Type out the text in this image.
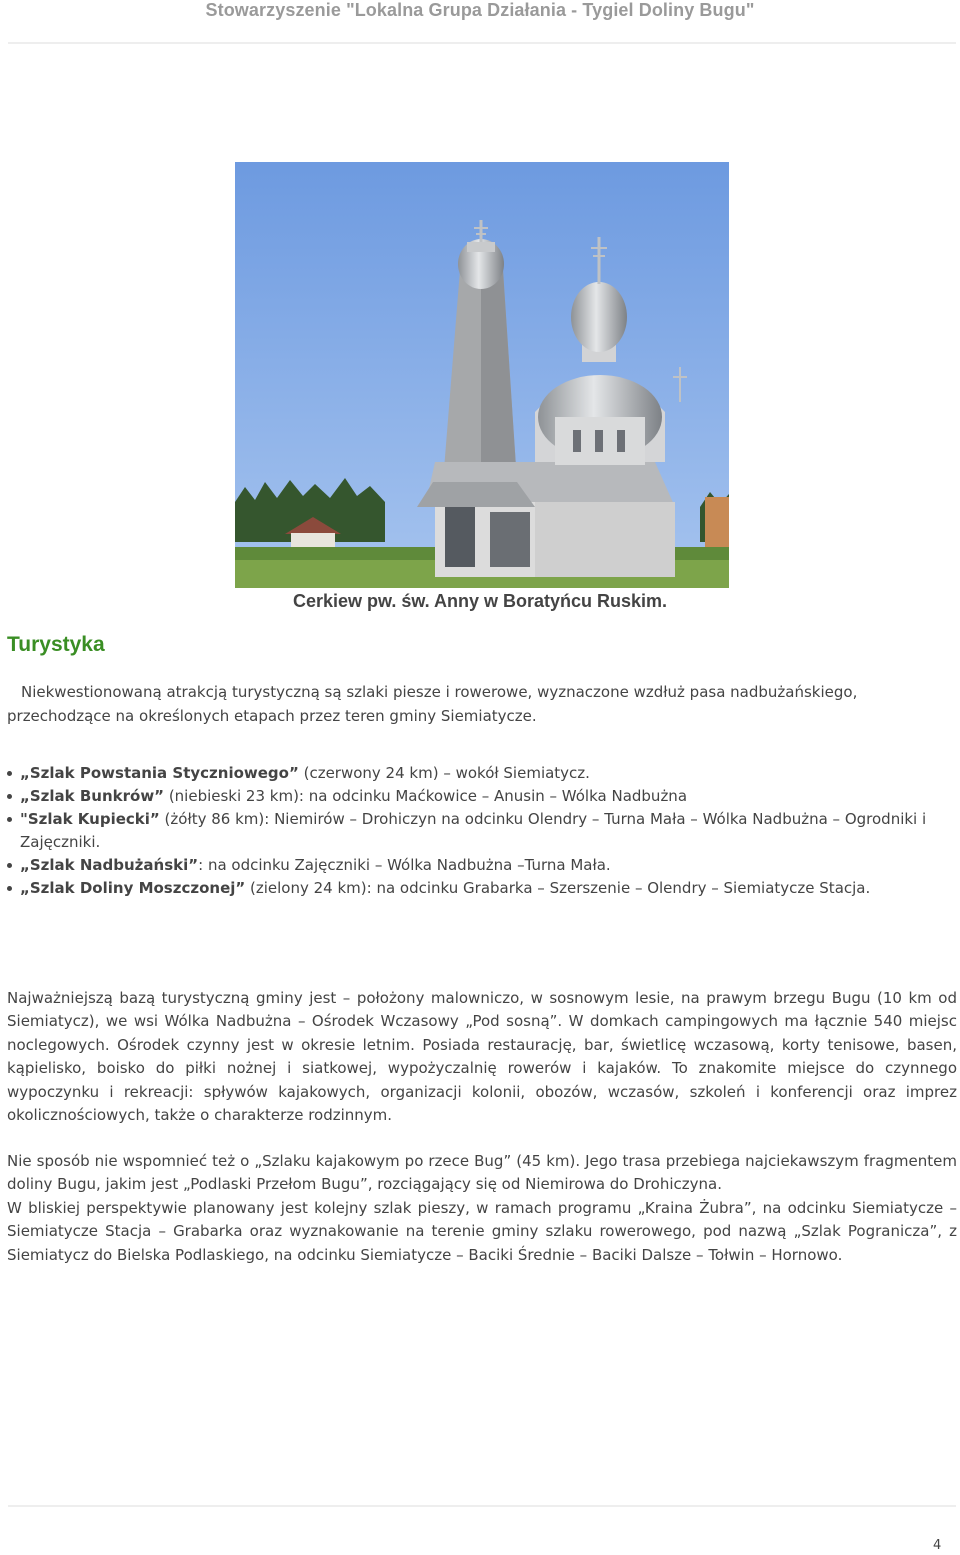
Stowarzyszenie "Lokalna Grupa Działania - Tygiel Doliny Bugu"
Cerkiew pw. św. Anny w Boratyńcu Ruskim.
Turystyka

Niekwestionowaną atrakcją turystyczną są szlaki piesze i rowerowe, wyznaczone wzdłuż pasa nadbużańskiego, przechodzące na określonych etapach przez teren gminy Siemiatycze.

„Szlak Powstania Styczniowego” (czerwony 24 km) – wokół Siemiatycz.
„Szlak Bunkrów” (niebieski 23 km): na odcinku Maćkowice – Anusin – Wólka Nadbużna
"Szlak Kupiecki” (żółty 86 km): Niemirów – Drohiczyn na odcinku Olendry – Turna Mała – Wólka Nadbużna – Ogrodniki i Zajęczniki.
„Szlak Nadbużański”: na odcinku Zajęczniki – Wólka Nadbużna –Turna Mała.
„Szlak Doliny Moszczonej” (zielony 24 km): na odcinku Grabarka – Szerszenie – Olendry – Siemiatycze Stacja.

Najważniejszą bazą turystyczną gminy jest – położony malowniczo, w sosnowym lesie, na prawym brzegu Bugu (10 km od Siemiatycz), we wsi Wólka Nadbużna – Ośrodek Wczasowy „Pod sosną”. W domkach campingowych ma łącznie 540 miejsc noclegowych. Ośrodek czynny jest w okresie letnim. Posiada restaurację, bar, świetlicę wczasową, korty tenisowe, basen, kąpielisko, boisko do piłki nożnej i siatkowej, wypożyczalnię rowerów i kajaków. To znakomite miejsce do czynnego wypoczynku i rekreacji: spływów kajakowych, organizacji kolonii, obozów, wczasów, szkoleń i konferencji oraz imprez okolicznościowych, także o charakterze rodzinnym.

Nie sposób nie wspomnieć też o „Szlaku kajakowym po rzece Bug” (45 km). Jego trasa przebiega najciekawszym fragmentem doliny Bugu, jakim jest „Podlaski Przełom Bugu”, rozciągający się od Niemirowa do Drohiczyna.
W bliskiej perspektywie planowany jest kolejny szlak pieszy, w ramach programu „Kraina Żubra”, na odcinku Siemiatycze – Siemiatycze Stacja – Grabarka oraz wyznakowanie na terenie gminy szlaku rowerowego, pod nazwą „Szlak Pogranicza”, z Siemiatycz do Bielska Podlaskiego, na odcinku Siemiatycze – Baciki Średnie – Baciki Dalsze – Tołwin – Hornowo.
4
